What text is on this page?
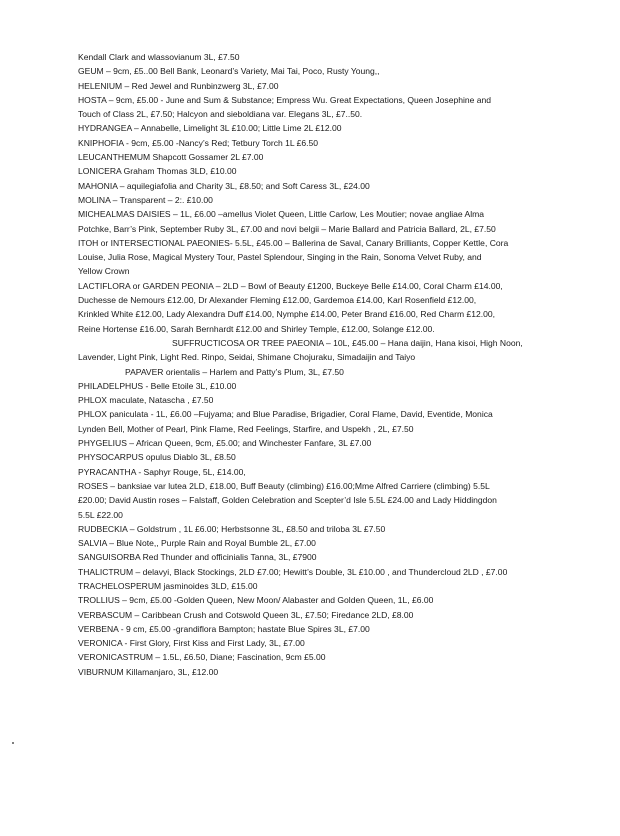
Kendall Clark and wlassovianum 3L, £7.50
GEUM – 9cm, £5..00 Bell Bank, Leonard’s Variety, Mai Tai, Poco, Rusty Young,,
HELENIUM – Red Jewel and Runbinzwerg 3L, £7.00
HOSTA – 9cm, £5.00 - June and Sum & Substance; Empress Wu. Great Expectations, Queen Josephine and
Touch of Class 2L, £7.50; Halcyon and sieboldiana var. Elegans 3L, £7..50.
HYDRANGEA – Annabelle, Limelight 3L £10.00; Little Lime 2L £12.00
KNIPHOFIA - 9cm, £5.00 -Nancy’s Red; Tetbury Torch 1L £6.50
LEUCANTHEMUM Shapcott Gossamer 2L £7.00
LONICERA Graham Thomas 3LD, £10.00
MAHONIA – aquilegiafolia and Charity 3L, £8.50; and Soft Caress 3L, £24.00
MOLINA – Transparent – 2:. £10.00
MICHEALMAS DAISIES – 1L, £6.00 –amellus Violet Queen, Little Carlow, Les Moutier; novae angliae Alma
Potchke, Barr’s Pink, September Ruby 3L, £7.00 and novi belgii – Marie Ballard and Patricia Ballard, 2L, £7.50
ITOH or INTERSECTIONAL PAEONIES- 5.5L, £45.00 – Ballerina de Saval, Canary Brilliants, Copper Kettle, Cora
Louise, Julia Rose, Magical Mystery Tour, Pastel Splendour, Singing in the Rain, Sonoma Velvet Ruby, and
Yellow Crown
LACTIFLORA or GARDEN PEONIA – 2LD – Bowl of Beauty £1200, Buckeye Belle £14.00, Coral Charm £14.00,
Duchesse de Nemours £12.00, Dr Alexander Fleming £12.00, Gardemoa £14.00, Karl Rosenfield £12.00,
Krinkled White £12.00, Lady Alexandra Duff £14.00, Nymphe £14.00, Peter Brand £16.00, Red Charm £12.00,
Reine Hortense £16.00, Sarah Bernhardt £12.00 and Shirley Temple, £12.00, Solange £12.00.
SUFFRUCTICOSA OR TREE PAEONIA – 10L, £45.00 – Hana daijin, Hana kisoi, High Noon,
Lavender, Light Pink, Light Red. Rinpo, Seidai, Shimane Chojuraku, Simadaijin and Taiyo
PAPAVER orientalis – Harlem and Patty’s Plum, 3L, £7.50
PHILADELPHUS - Belle Etoile 3L, £10.00
PHLOX maculate, Natascha , £7.50
PHLOX paniculata - 1L, £6.00 –Fujyama; and Blue Paradise, Brigadier, Coral Flame, David, Eventide, Monica
Lynden Bell, Mother of Pearl, Pink Flame, Red Feelings, Starfire, and Uspekh , 2L, £7.50
PHYGELIUS – African Queen, 9cm, £5.00; and Winchester Fanfare, 3L £7.00
PHYSOCARPUS opulus Diablo 3L, £8.50
PYRACANTHA - Saphyr Rouge, 5L, £14.00,
ROSES – banksiae var lutea 2LD, £18.00, Buff Beauty (climbing) £16.00;Mme Alfred Carriere (climbing) 5.5L
£20.00; David Austin roses – Falstaff, Golden Celebration and Scepter’d Isle 5.5L £24.00 and Lady Hiddingdon
5.5L £22.00
RUDBECKIA – Goldstrum , 1L £6.00; Herbstsonne 3L, £8.50 and triloba 3L £7.50
SALVIA – Blue Note,, Purple Rain and Royal Bumble 2L, £7.00
SANGUISORBA Red Thunder and officinialis Tanna, 3L, £7900
THALICTRUM – delavyi, Black Stockings, 2LD £7.00; Hewitt’s Double, 3L £10.00 , and Thundercloud 2LD , £7.00
TRACHELOSPERUM jasminoides 3LD, £15.00
TROLLIUS – 9cm, £5.00 -Golden Queen, New Moon/ Alabaster and Golden Queen, 1L, £6.00
VERBASCUM – Caribbean Crush and Cotswold Queen 3L, £7.50; Firedance 2LD, £8.00
VERBENA - 9 cm, £5.00 -grandiflora Bampton; hastate Blue Spires 3L, £7.00
VERONICA - First Glory, First Kiss and First Lady, 3L, £7.00
VERONICASTRUM – 1.5L, £6.50, Diane; Fascination, 9cm £5.00
VIBURNUM Killamanjaro, 3L, £12.00
